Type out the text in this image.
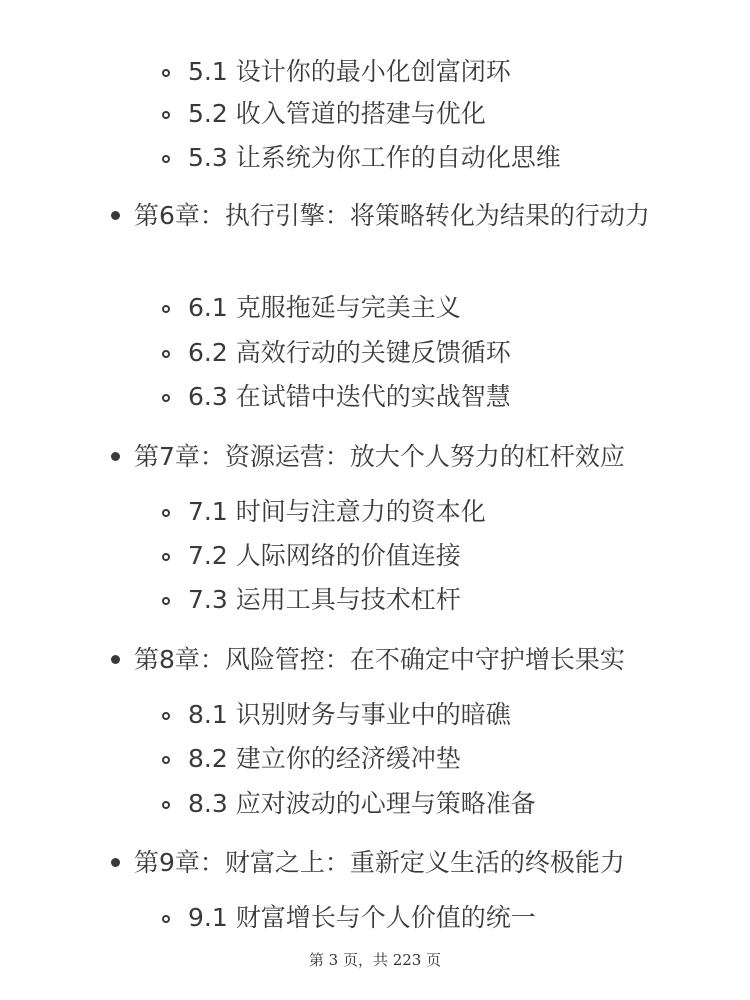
5.1 设计你的最小化创富闭环
5.2 收入管道的搭建与优化
5.3 让系统为你工作的自动化思维
第6章：执行引擎：将策略转化为结果的行动力
6.1 克服拖延与完美主义
6.2 高效行动的关键反馈循环
6.3 在试错中迭代的实战智慧
第7章：资源运营：放大个人努力的杠杆效应
7.1 时间与注意力的资本化
7.2 人际网络的价值连接
7.3 运用工具与技术杠杆
第8章：风险管控：在不确定中守护增长果实
8.1 识别财务与事业中的暗礁
8.2 建立你的经济缓冲垫
8.3 应对波动的心理与策略准备
第9章：财富之上：重新定义生活的终极能力
9.1 财富增长与个人价值的统一
第 3 页，共 223 页
